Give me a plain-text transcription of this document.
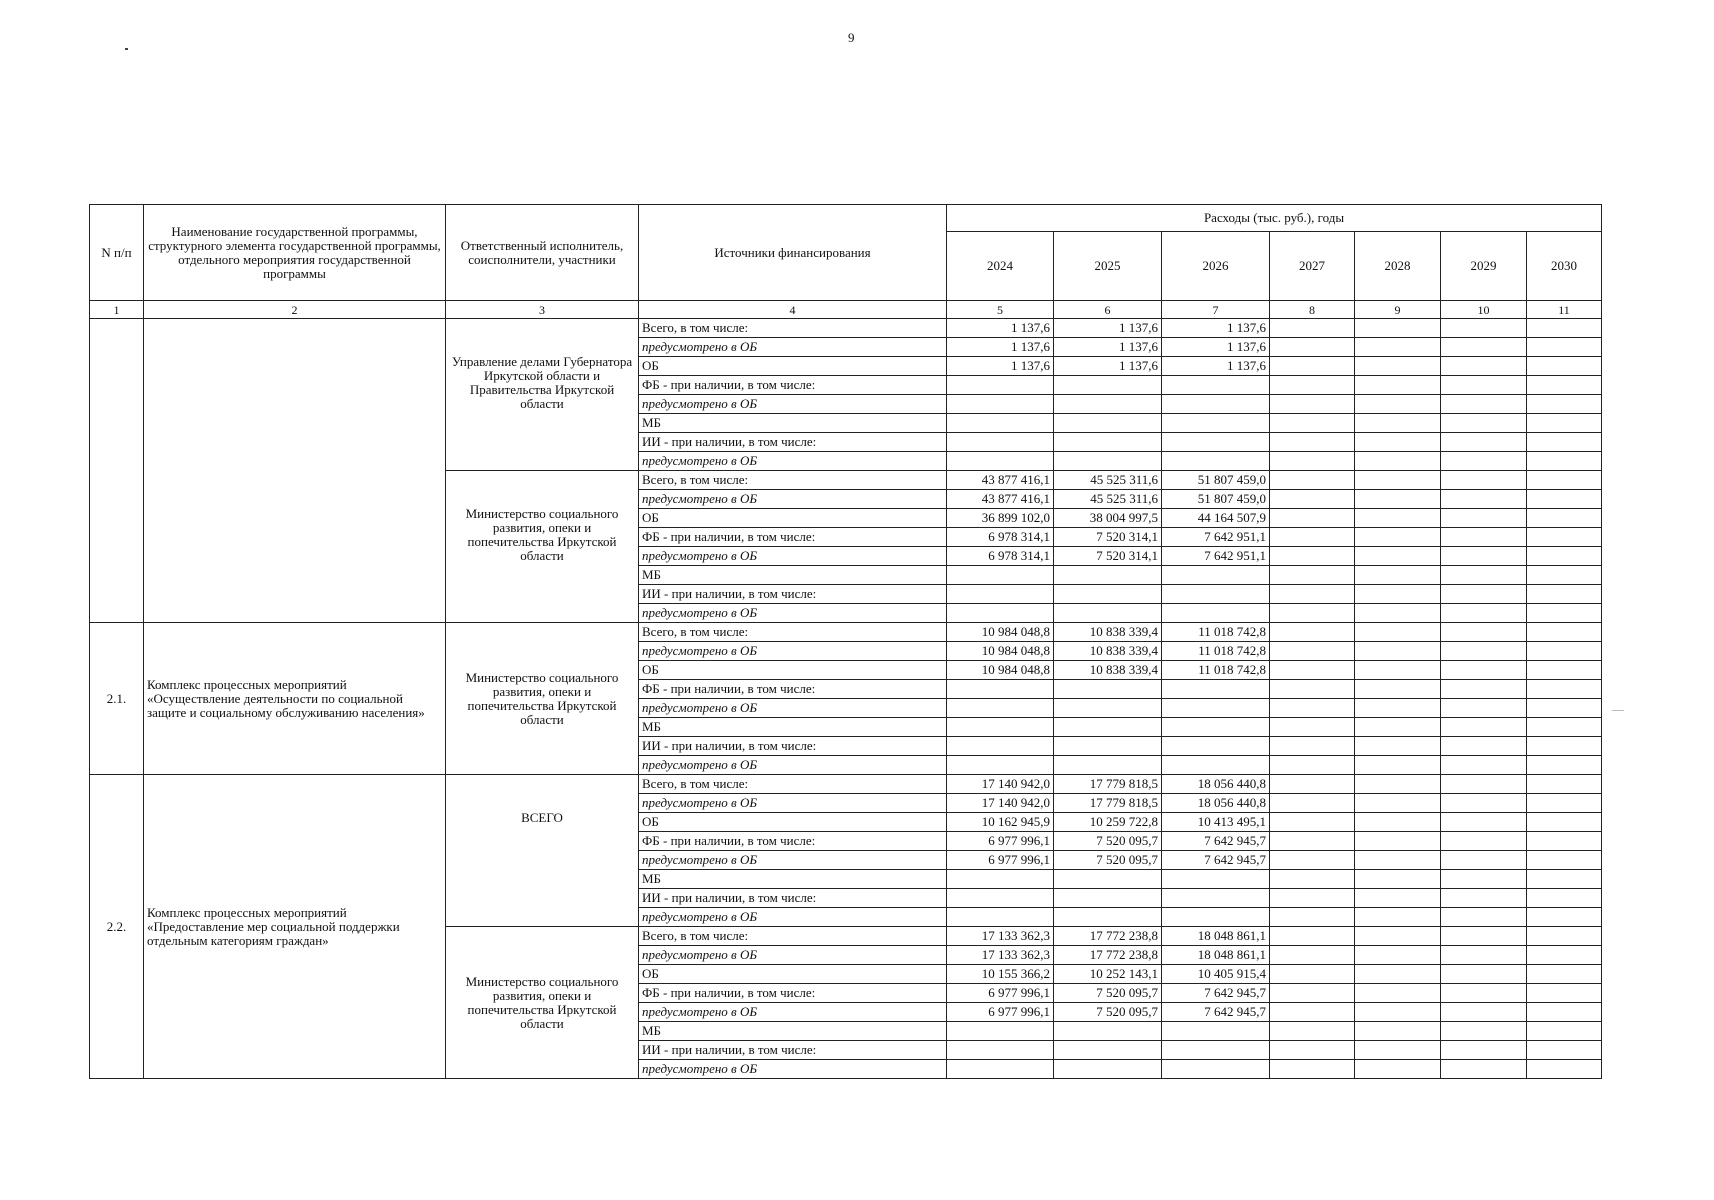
9
N п/п	Наименование государственной программы, структурного элемента государственной программы, отдельного мероприятия государственной программы	Ответственный исполнитель, соисполнители, участники	Источники финансирования	Расходы (тыс. руб.), годы						
				2024	2025	2026	2027	2028	2029	2030
1	2	3	4	5	6	7	8	9	10	11
		Управление делами Губернатора Иркутской области и Правительства Иркутской области	Всего, в том числе:	1 137,6	1 137,6	1 137,6				
			предусмотрено в ОБ	1 137,6	1 137,6	1 137,6				
			ОБ	1 137,6	1 137,6	1 137,6				
			ФБ - при наличии, в том числе:							
			предусмотрено в ОБ							
			МБ							
			ИИ - при наличии, в том числе:							
			предусмотрено в ОБ							
		Министерство социального развития, опеки и попечительства Иркутской области	Всего, в том числе:	43 877 416,1	45 525 311,6	51 807 459,0				
			предусмотрено в ОБ	43 877 416,1	45 525 311,6	51 807 459,0				
			ОБ	36 899 102,0	38 004 997,5	44 164 507,9				
			ФБ - при наличии, в том числе:	6 978 314,1	7 520 314,1	7 642 951,1				
			предусмотрено в ОБ	6 978 314,1	7 520 314,1	7 642 951,1				
			МБ							
			ИИ - при наличии, в том числе:							
			предусмотрено в ОБ							
2.1.	Комплекс процессных мероприятий «Осуществление деятельности по социальной защите и социальному обслуживанию населения»	Министерство социального развития, опеки и попечительства Иркутской области	Всего, в том числе:	10 984 048,8	10 838 339,4	11 018 742,8				
			предусмотрено в ОБ	10 984 048,8	10 838 339,4	11 018 742,8				
			ОБ	10 984 048,8	10 838 339,4	11 018 742,8				
			ФБ - при наличии, в том числе:							
			предусмотрено в ОБ							
			МБ							
			ИИ - при наличии, в том числе:							
			предусмотрено в ОБ							
2.2.	Комплекс процессных мероприятий «Предоставление мер социальной поддержки отдельным категориям граждан»	ВСЕГО	Всего, в том числе:	17 140 942,0	17 779 818,5	18 056 440,8				
			предусмотрено в ОБ	17 140 942,0	17 779 818,5	18 056 440,8				
			ОБ	10 162 945,9	10 259 722,8	10 413 495,1				
			ФБ - при наличии, в том числе:	6 977 996,1	7 520 095,7	7 642 945,7				
			предусмотрено в ОБ	6 977 996,1	7 520 095,7	7 642 945,7				
			МБ							
			ИИ - при наличии, в том числе:							
			предусмотрено в ОБ							
		Министерство социального развития, опеки и попечительства Иркутской области	Всего, в том числе:	17 133 362,3	17 772 238,8	18 048 861,1				
			предусмотрено в ОБ	17 133 362,3	17 772 238,8	18 048 861,1				
			ОБ	10 155 366,2	10 252 143,1	10 405 915,4				
			ФБ - при наличии, в том числе:	6 977 996,1	7 520 095,7	7 642 945,7				
			предусмотрено в ОБ	6 977 996,1	7 520 095,7	7 642 945,7				
			МБ							
			ИИ - при наличии, в том числе:							
			предусмотрено в ОБ							
